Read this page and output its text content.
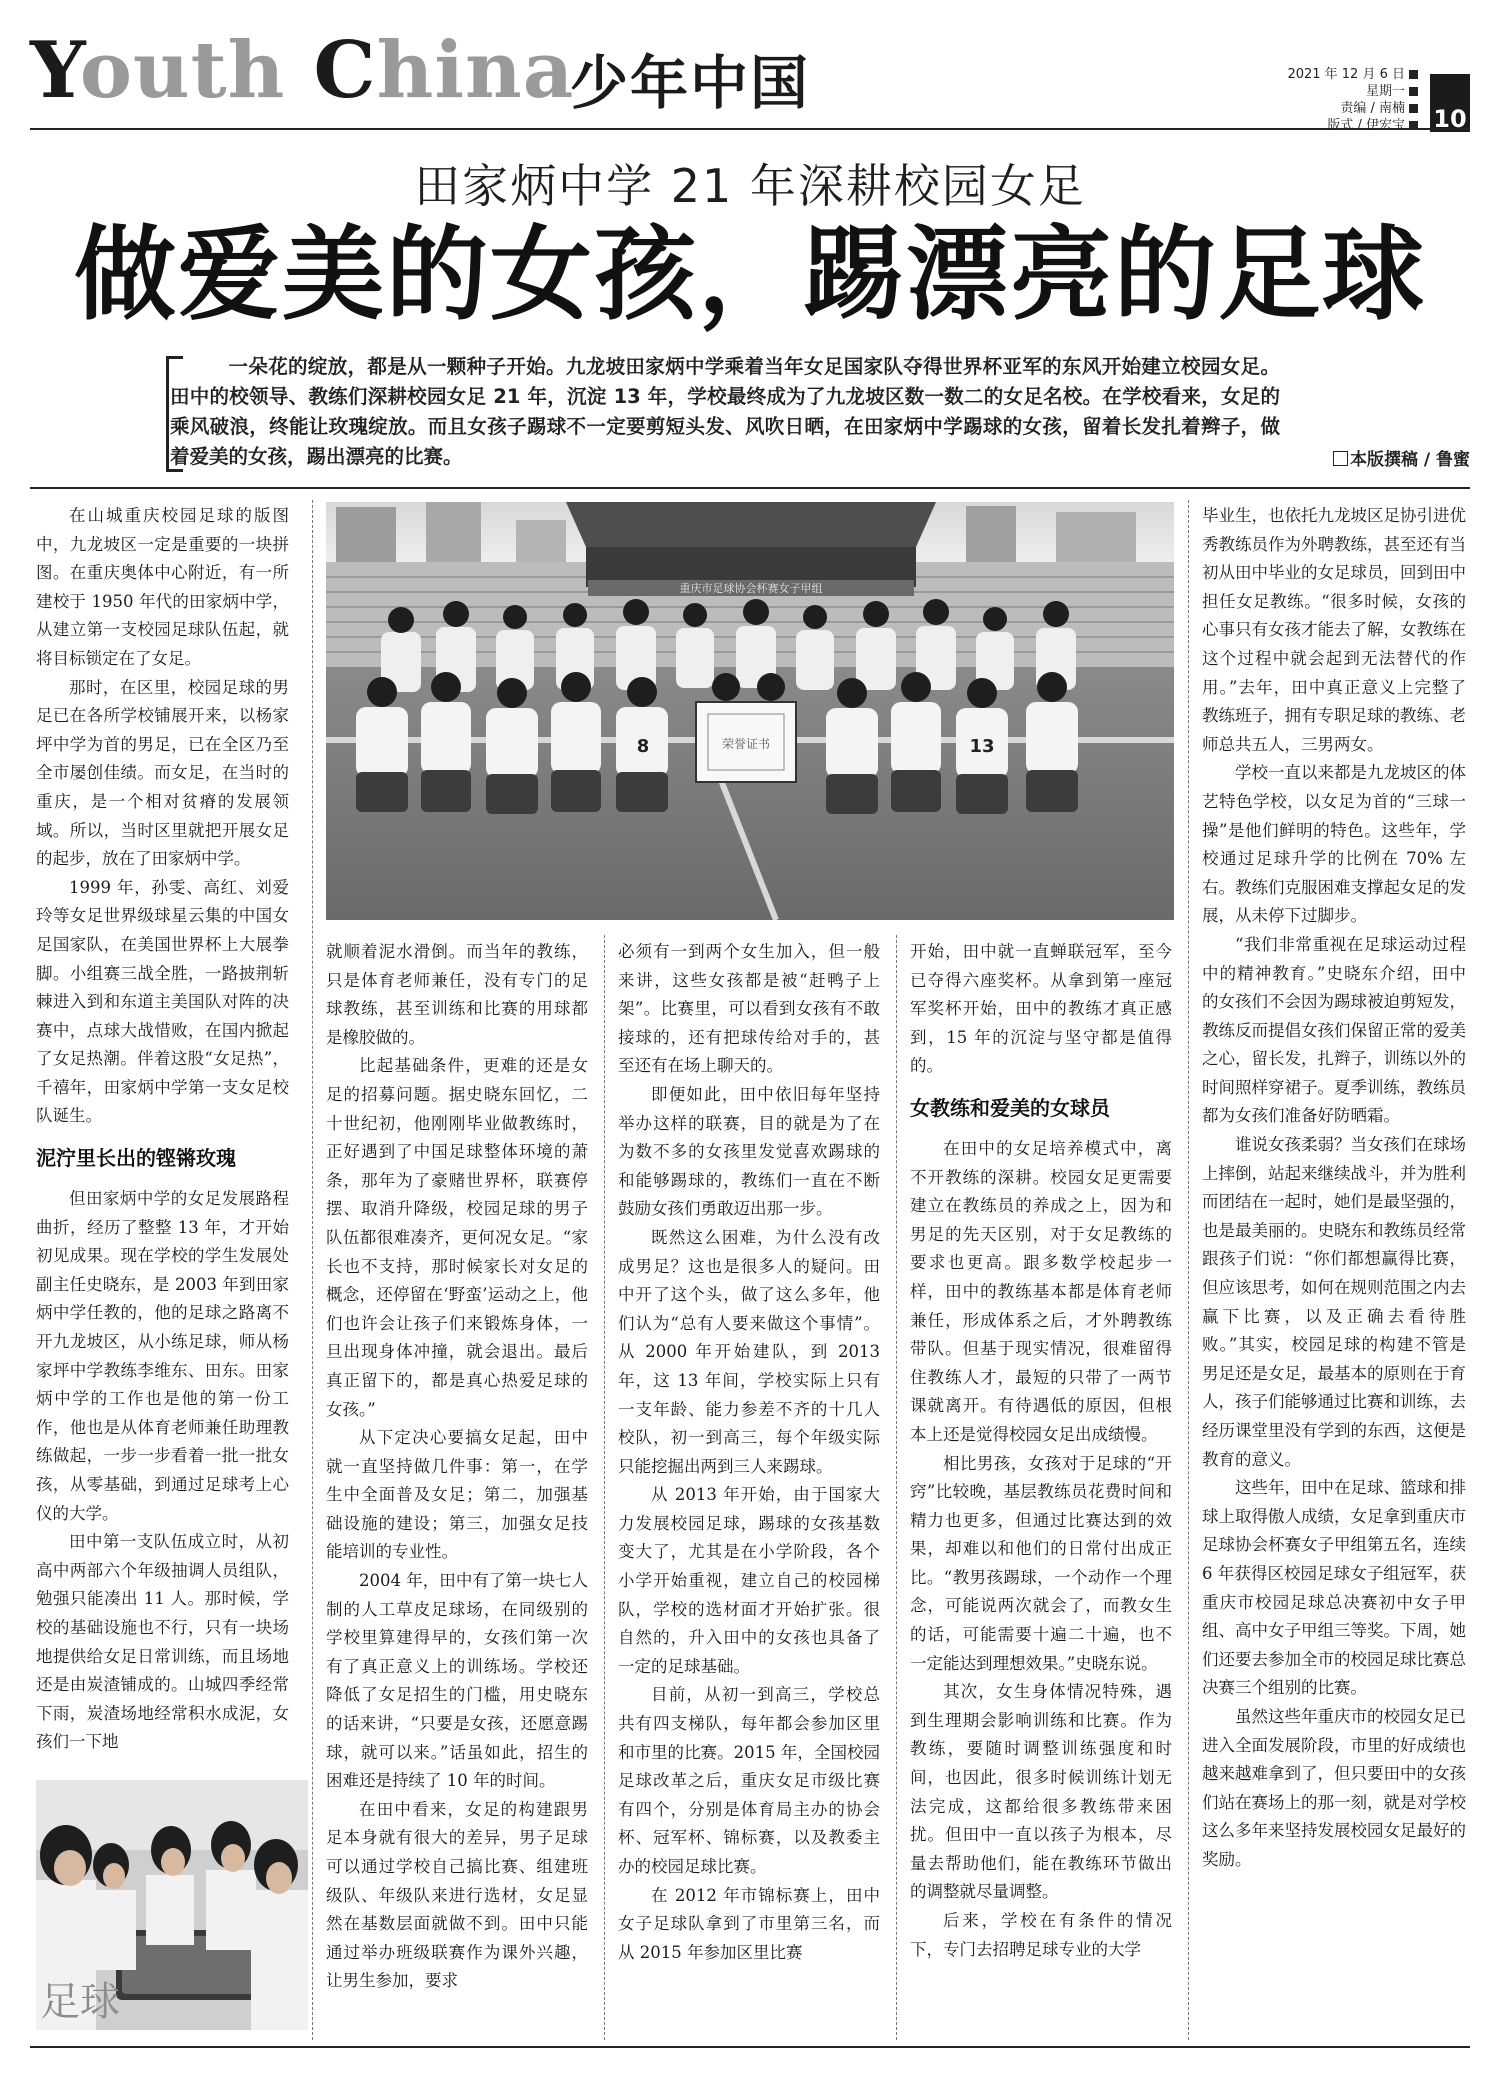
Youth China
少年中国	2021 年 12 月 6 日
星期一
责编 / 南楠
版式 / 伊宏宝	10
田家炳中学 21 年深耕校园女足
做爱美的女孩，踢漂亮的足球
一朵花的绽放，都是从一颗种子开始。九龙坡田家炳中学乘着当年女足国家队夺得世界杯亚军的东风开始建立校园女足。田中的校领导、教练们深耕校园女足 21 年，沉淀 13 年，学校最终成为了九龙坡区数一数二的女足名校。在学校看来，女足的乘风破浪，终能让玫瑰绽放。而且女孩子踢球不一定要剪短头发、风吹日晒，在田家炳中学踢球的女孩，留着长发扎着辫子，做着爱美的女孩，踢出漂亮的比赛。	本版撰稿 / 鲁蜜

在山城重庆校园足球的版图中，九龙坡区一定是重要的一块拼图。在重庆奥体中心附近，有一所建校于 1950 年代的田家炳中学，从建立第一支校园足球队伍起，就将目标锁定在了女足。

那时，在区里，校园足球的男足已在各所学校铺展开来，以杨家坪中学为首的男足，已在全区乃至全市屡创佳绩。而女足，在当时的重庆，是一个相对贫瘠的发展领域。所以，当时区里就把开展女足的起步，放在了田家炳中学。

1999 年，孙雯、高红、刘爱玲等女足世界级球星云集的中国女足国家队，在美国世界杯上大展拳脚。小组赛三战全胜，一路披荆斩棘进入到和东道主美国队对阵的决赛中，点球大战惜败，在国内掀起了女足热潮。伴着这股“女足热”，千禧年，田家炳中学第一支女足校队诞生。

泥泞里长出的铿锵玫瑰

但田家炳中学的女足发展路程曲折，经历了整整 13 年，才开始初见成果。现在学校的学生发展处副主任史晓东，是 2003 年到田家炳中学任教的，他的足球之路离不开九龙坡区，从小练足球，师从杨家坪中学教练李维东、田东。田家炳中学的工作也是他的第一份工作，他也是从体育老师兼任助理教练做起，一步一步看着一批一批女孩，从零基础，到通过足球考上心仪的大学。

田中第一支队伍成立时，从初高中两部六个年级抽调人员组队，勉强只能凑出 11 人。那时候，学校的基础设施也不行，只有一块场地提供给女足日常训练，而且场地还是由炭渣铺成的。山城四季经常下雨，炭渣场地经常积水成泥，女孩们一下地

足球
重庆市足球协会杯赛女子甲组
荣誉证书
8	13

就顺着泥水滑倒。而当年的教练，只是体育老师兼任，没有专门的足球教练，甚至训练和比赛的用球都是橡胶做的。

比起基础条件，更难的还是女足的招募问题。据史晓东回忆，二十世纪初，他刚刚毕业做教练时，正好遇到了中国足球整体环境的萧条，那年为了豪赌世界杯，联赛停摆、取消升降级，校园足球的男子队伍都很难凑齐，更何况女足。“家长也不支持，那时候家长对女足的概念，还停留在‘野蛮’运动之上，他们也许会让孩子们来锻炼身体，一旦出现身体冲撞，就会退出。最后真正留下的，都是真心热爱足球的女孩。”

从下定决心要搞女足起，田中就一直坚持做几件事：第一，在学生中全面普及女足；第二，加强基础设施的建设；第三，加强女足技能培训的专业性。

2004 年，田中有了第一块七人制的人工草皮足球场，在同级别的学校里算建得早的，女孩们第一次有了真正意义上的训练场。学校还降低了女足招生的门槛，用史晓东的话来讲，“只要是女孩，还愿意踢球，就可以来。”话虽如此，招生的困难还是持续了 10 年的时间。

在田中看来，女足的构建跟男足本身就有很大的差异，男子足球可以通过学校自己搞比赛、组建班级队、年级队来进行选材，女足显然在基数层面就做不到。田中只能通过举办班级联赛作为课外兴趣，让男生参加，要求

必须有一到两个女生加入，但一般来讲，这些女孩都是被“赶鸭子上架”。比赛里，可以看到女孩有不敢接球的，还有把球传给对手的，甚至还有在场上聊天的。

即便如此，田中依旧每年坚持举办这样的联赛，目的就是为了在为数不多的女孩里发觉喜欢踢球的和能够踢球的，教练们一直在不断鼓励女孩们勇敢迈出那一步。

既然这么困难，为什么没有改成男足？这也是很多人的疑问。田中开了这个头，做了这么多年，他们认为“总有人要来做这个事情”。从 2000 年开始建队，到 2013 年，这 13 年间，学校实际上只有一支年龄、能力参差不齐的十几人校队，初一到高三，每个年级实际只能挖掘出两到三人来踢球。

从 2013 年开始，由于国家大力发展校园足球，踢球的女孩基数变大了，尤其是在小学阶段，各个小学开始重视，建立自己的校园梯队，学校的选材面才开始扩张。很自然的，升入田中的女孩也具备了一定的足球基础。

目前，从初一到高三，学校总共有四支梯队，每年都会参加区里和市里的比赛。2015 年，全国校园足球改革之后，重庆女足市级比赛有四个，分别是体育局主办的协会杯、冠军杯、锦标赛，以及教委主办的校园足球比赛。

在 2012 年市锦标赛上，田中女子足球队拿到了市里第三名，而从 2015 年参加区里比赛

开始，田中就一直蝉联冠军，至今已夺得六座奖杯。从拿到第一座冠军奖杯开始，田中的教练才真正感到，15 年的沉淀与坚守都是值得的。

女教练和爱美的女球员

在田中的女足培养模式中，离不开教练的深耕。校园女足更需要建立在教练员的养成之上，因为和男足的先天区别，对于女足教练的要求也更高。跟多数学校起步一样，田中的教练基本都是体育老师兼任，形成体系之后，才外聘教练带队。但基于现实情况，很难留得住教练人才，最短的只带了一两节课就离开。有待遇低的原因，但根本上还是觉得校园女足出成绩慢。

相比男孩，女孩对于足球的“开窍”比较晚，基层教练员花费时间和精力也更多，但通过比赛达到的效果，却难以和他们的日常付出成正比。“教男孩踢球，一个动作一个理念，可能说两次就会了，而教女生的话，可能需要十遍二十遍，也不一定能达到理想效果。”史晓东说。

其次，女生身体情况特殊，遇到生理期会影响训练和比赛。作为教练，要随时调整训练强度和时间，也因此，很多时候训练计划无法完成，这都给很多教练带来困扰。但田中一直以孩子为根本，尽量去帮助他们，能在教练环节做出的调整就尽量调整。

后来，学校在有条件的情况下，专门去招聘足球专业的大学

毕业生，也依托九龙坡区足协引进优秀教练员作为外聘教练，甚至还有当初从田中毕业的女足球员，回到田中担任女足教练。“很多时候，女孩的心事只有女孩才能去了解，女教练在这个过程中就会起到无法替代的作用。”去年，田中真正意义上完整了教练班子，拥有专职足球的教练、老师总共五人，三男两女。

学校一直以来都是九龙坡区的体艺特色学校，以女足为首的“三球一操”是他们鲜明的特色。这些年，学校通过足球升学的比例在 70% 左右。教练们克服困难支撑起女足的发展，从未停下过脚步。

“我们非常重视在足球运动过程中的精神教育。”史晓东介绍，田中的女孩们不会因为踢球被迫剪短发，教练反而提倡女孩们保留正常的爱美之心，留长发，扎辫子，训练以外的时间照样穿裙子。夏季训练，教练员都为女孩们准备好防晒霜。

谁说女孩柔弱？当女孩们在球场上摔倒，站起来继续战斗，并为胜利而团结在一起时，她们是最坚强的，也是最美丽的。史晓东和教练员经常跟孩子们说：“你们都想赢得比赛，但应该思考，如何在规则范围之内去赢下比赛，以及正确去看待胜败。”其实，校园足球的构建不管是男足还是女足，最基本的原则在于育人，孩子们能够通过比赛和训练，去经历课堂里没有学到的东西，这便是教育的意义。

这些年，田中在足球、篮球和排球上取得傲人成绩，女足拿到重庆市足球协会杯赛女子甲组第五名，连续 6 年获得区校园足球女子组冠军，获重庆市校园足球总决赛初中女子甲组、高中女子甲组三等奖。下周，她们还要去参加全市的校园足球比赛总决赛三个组别的比赛。

虽然这些年重庆市的校园女足已进入全面发展阶段，市里的好成绩也越来越难拿到了，但只要田中的女孩们站在赛场上的那一刻，就是对学校这么多年来坚持发展校园女足最好的奖励。
